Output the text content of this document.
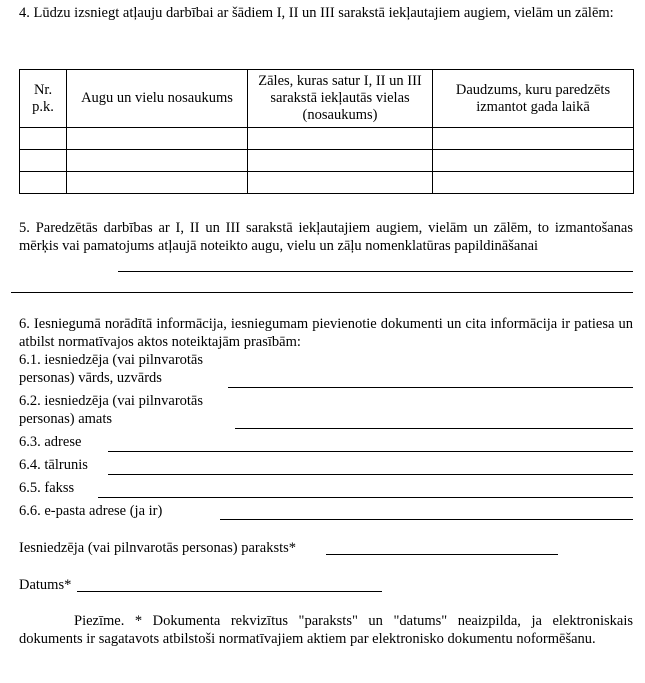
4. Lūdzu izsniegt atļauju darbībai ar šādiem I, II un III sarakstā iekļautajiem augiem, vielām un zālēm:
Nr. p.k.	Augu un vielu nosaukums	Zāles, kuras satur I, II un III sarakstā iekļautās vielas (nosaukums)	Daudzums, kuru paredzēts izmantot gada laikā

5. Paredzētās darbības ar I, II un III sarakstā iekļautajiem augiem, vielām un zālēm, to izmantošanas mērķis vai pamatojums atļaujā noteikto augu, vielu un zāļu nomenklatūras papildināšanai
6. Iesniegumā norādītā informācija, iesniegumam pievienotie dokumenti un cita informācija ir patiesa un atbilst normatīvajos aktos noteiktajām prasībām:
6.1. iesniedzēja (vai pilnvarotās
personas) vārds, uzvārds
6.2. iesniedzēja (vai pilnvarotās
personas) amats
6.3. adrese
6.4. tālrunis
6.5. fakss
6.6. e-pasta adrese (ja ir)
Iesniedzēja (vai pilnvarotās personas) paraksts*
Datums*
Piezīme. * Dokumenta rekvizītus "paraksts" un "datums" neaizpilda, ja elektroniskais dokuments ir sagatavots atbilstoši normatīvajiem aktiem par elektronisko dokumentu noformēšanu.
